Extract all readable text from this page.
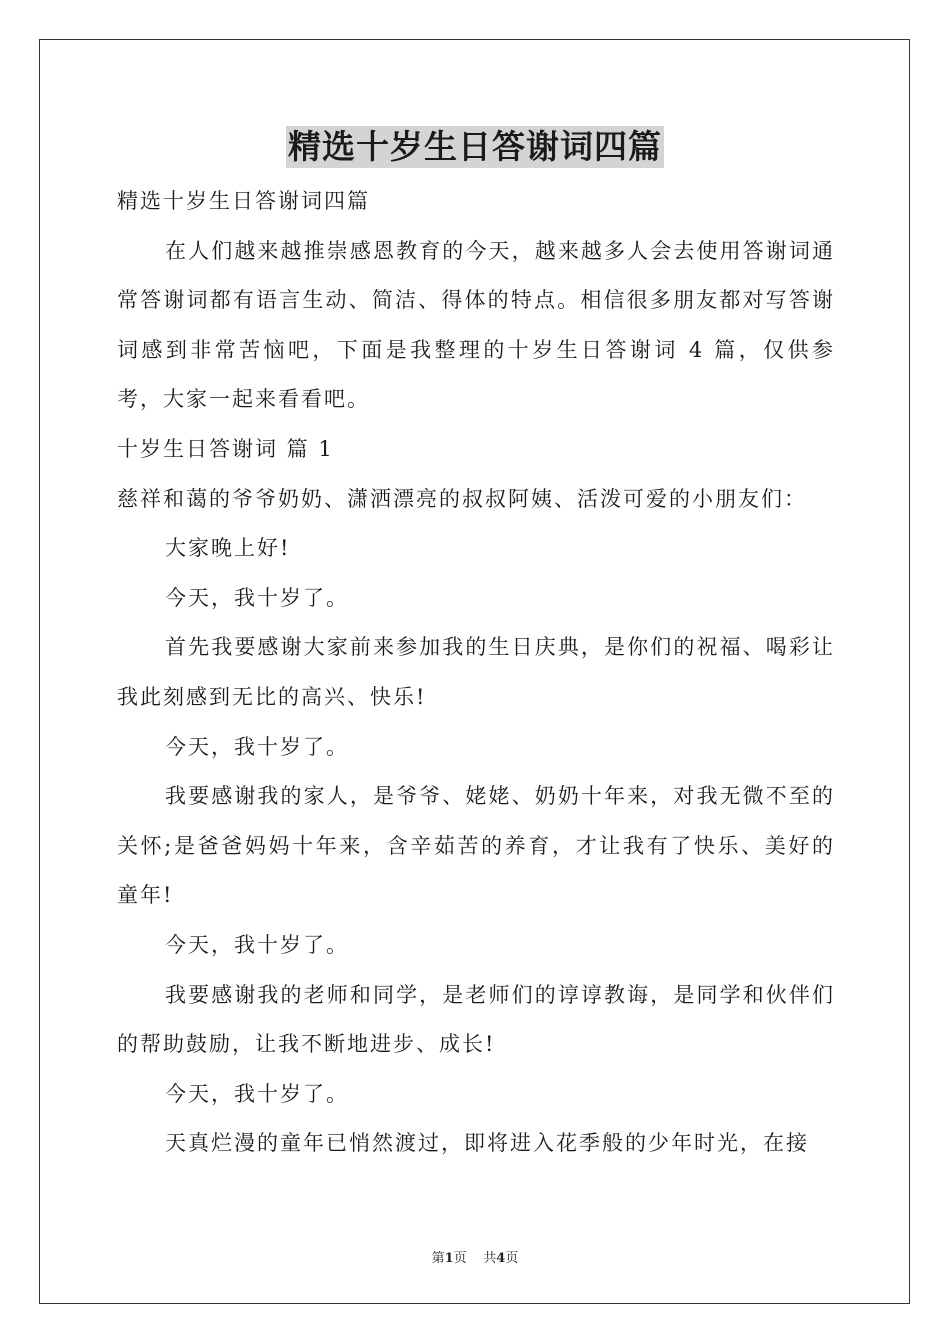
精选十岁生日答谢词四篇

精选十岁生日答谢词四篇

在人们越来越推崇感恩教育的今天，越来越多人会去使用答谢词通常答谢词都有语言生动、简洁、得体的特点。相信很多朋友都对写答谢词感到非常苦恼吧，下面是我整理的十岁生日答谢词 4 篇，仅供参考，大家一起来看看吧。

十岁生日答谢词 篇 1

慈祥和蔼的爷爷奶奶、潇洒漂亮的叔叔阿姨、活泼可爱的小朋友们：

大家晚上好!

今天，我十岁了。

首先我要感谢大家前来参加我的生日庆典，是你们的祝福、喝彩让我此刻感到无比的高兴、快乐!

今天，我十岁了。

我要感谢我的家人，是爷爷、姥姥、奶奶十年来，对我无微不至的关怀;是爸爸妈妈十年来，含辛茹苦的养育，才让我有了快乐、美好的童年!

今天，我十岁了。

我要感谢我的老师和同学，是老师们的谆谆教诲，是同学和伙伴们的帮助鼓励，让我不断地进步、成长!

今天，我十岁了。

天真烂漫的童年已悄然渡过，即将进入花季般的少年时光，在接

第1页 共4页
